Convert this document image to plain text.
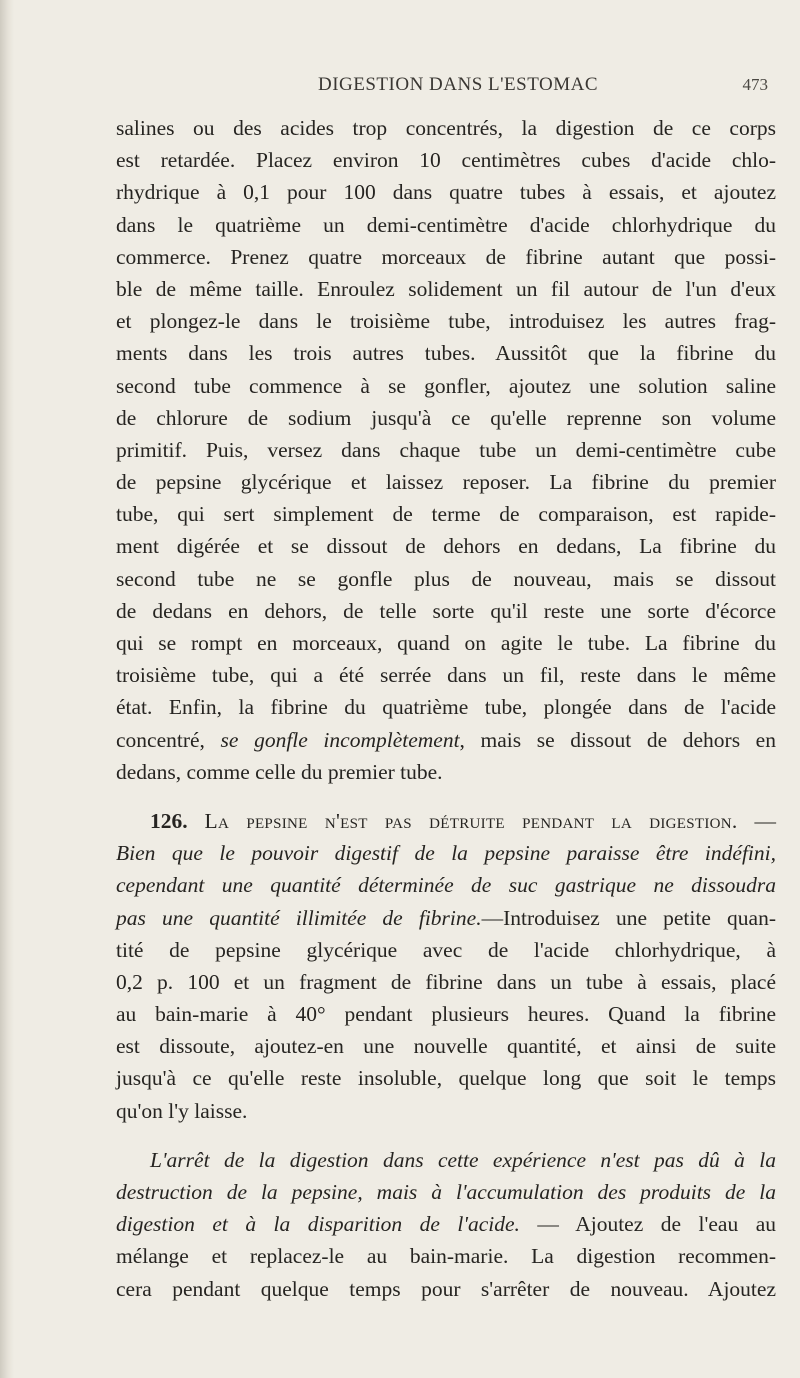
DIGESTION DANS L'ESTOMAC	473
salines ou des acides trop concentrés, la digestion de ce corps
est retardée. Placez environ 10 centimètres cubes d'acide chlo-
rhydrique à 0,1 pour 100 dans quatre tubes à essais, et ajoutez
dans le quatrième un demi-centimètre d'acide chlorhydrique du
commerce. Prenez quatre morceaux de fibrine autant que possi-
ble de même taille. Enroulez solidement un fil autour de l'un d'eux
et plongez-le dans le troisième tube, introduisez les autres frag-
ments dans les trois autres tubes. Aussitôt que la fibrine du
second tube commence à se gonfler, ajoutez une solution saline
de chlorure de sodium jusqu'à ce qu'elle reprenne son volume
primitif. Puis, versez dans chaque tube un demi-centimètre cube
de pepsine glycérique et laissez reposer. La fibrine du premier
tube, qui sert simplement de terme de comparaison, est rapide-
ment digérée et se dissout de dehors en dedans, La fibrine du
second tube ne se gonfle plus de nouveau, mais se dissout
de dedans en dehors, de telle sorte qu'il reste une sorte d'écorce
qui se rompt en morceaux, quand on agite le tube. La fibrine du
troisième tube, qui a été serrée dans un fil, reste dans le même
état. Enfin, la fibrine du quatrième tube, plongée dans de l'acide
concentré, se gonfle incomplètement, mais se dissout de dehors en
dedans, comme celle du premier tube.
126. La pepsine n'est pas détruite pendant la digestion. —
Bien que le pouvoir digestif de la pepsine paraisse être indéfini,
cependant une quantité déterminée de suc gastrique ne dissoudra
pas une quantité illimitée de fibrine.—Introduisez une petite quan-
tité de pepsine glycérique avec de l'acide chlorhydrique, à
0,2 p. 100 et un fragment de fibrine dans un tube à essais, placé
au bain-marie à 40° pendant plusieurs heures. Quand la fibrine
est dissoute, ajoutez-en une nouvelle quantité, et ainsi de suite
jusqu'à ce qu'elle reste insoluble, quelque long que soit le temps
qu'on l'y laisse.
L'arrêt de la digestion dans cette expérience n'est pas dû à la
destruction de la pepsine, mais à l'accumulation des produits de la
digestion et à la disparition de l'acide. — Ajoutez de l'eau au
mélange et replacez-le au bain-marie. La digestion recommen-
cera pendant quelque temps pour s'arrêter de nouveau. Ajoutez
